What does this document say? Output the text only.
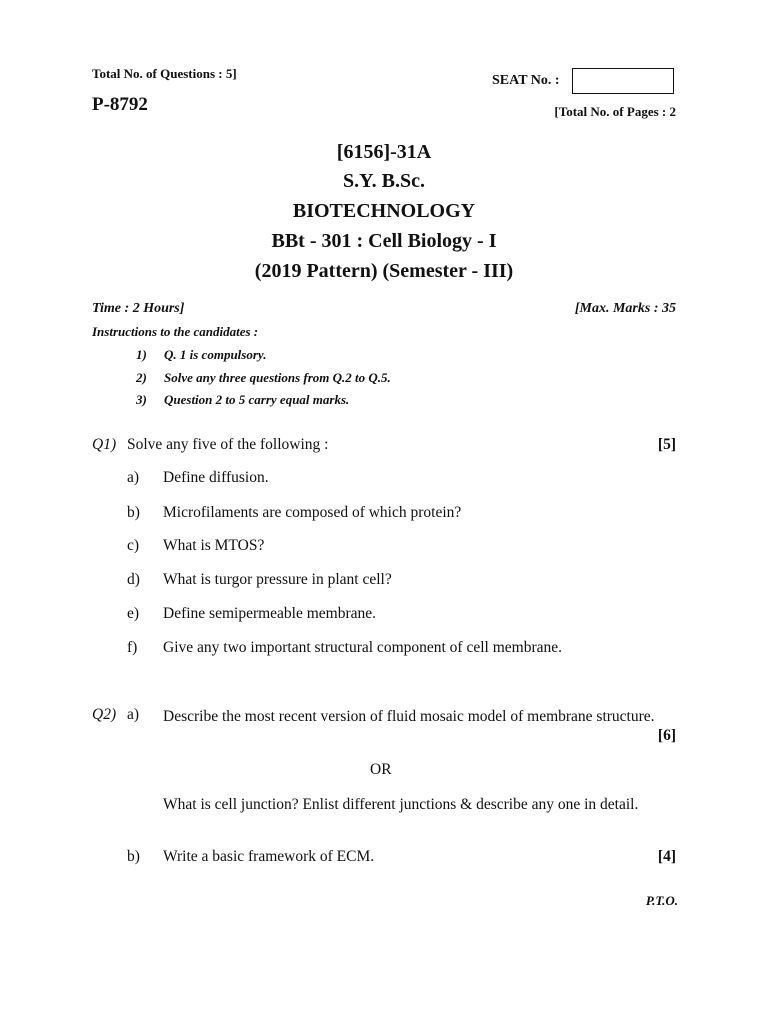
Total No. of Questions : 5]
P-8792
SEAT No. :
[Total No. of Pages : 2
[6156]-31A
S.Y. B.Sc.
BIOTECHNOLOGY
BBt - 301 : Cell Biology - I
(2019 Pattern) (Semester - III)
Time : 2 Hours]	[Max. Marks : 35
Instructions to the candidates :
1) Q. 1 is compulsory.
2) Solve any three questions from Q.2 to Q.5.
3) Question 2 to 5 carry equal marks.
Q1) Solve any five of the following :	[5]
a) Define diffusion.
b) Microfilaments are composed of which protein?
c) What is MTOS?
d) What is turgor pressure in plant cell?
e) Define semipermeable membrane.
f) Give any two important structural component of cell membrane.
Q2) a) Describe the most recent version of fluid mosaic model of membrane structure.
[6]
OR
What is cell junction? Enlist different junctions & describe any one in detail.
b) Write a basic framework of ECM.	[4]
P.T.O.
